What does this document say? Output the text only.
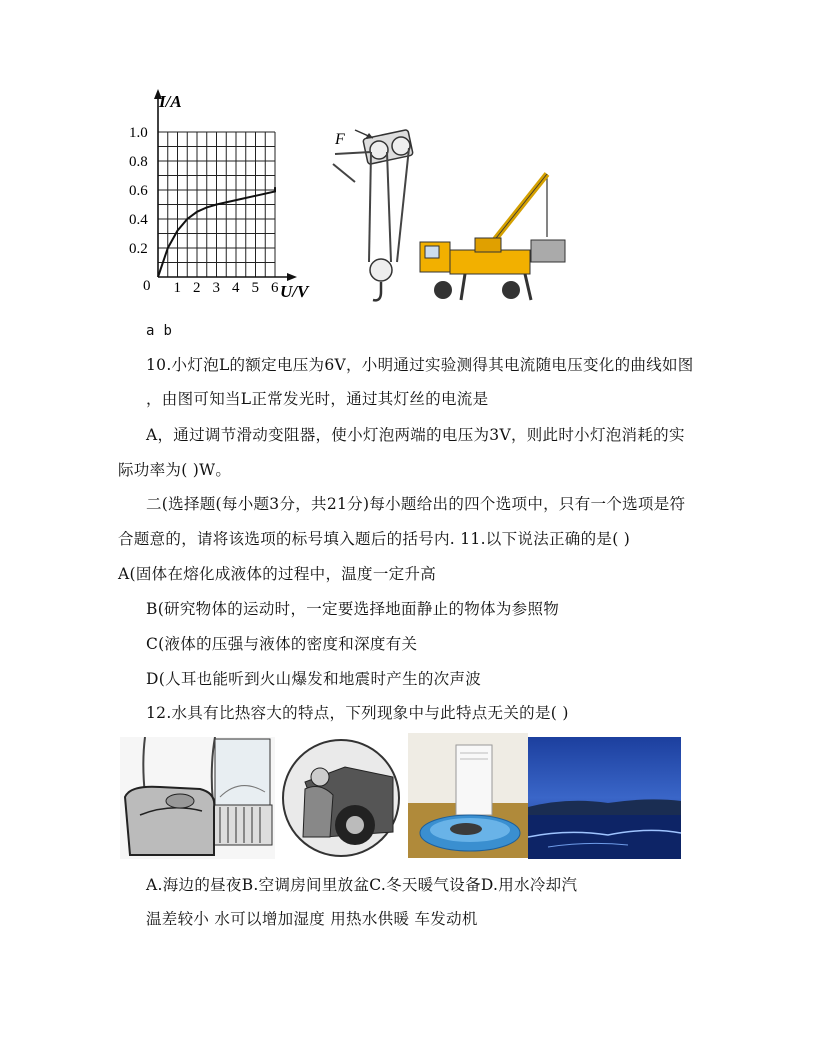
0.2
0.4
0.6
0.8
1.0
1 2 3 4 5 6
I/A
U/V
0
F
a b
10.小灯泡L的额定电压为6V，小明通过实验测得其电流随电压变化的曲线如图
，由图可知当L正常发光时，通过其灯丝的电流是
A，通过调节滑动变阻器，使小灯泡两端的电压为3V，则此时小灯泡消耗的实
际功率为( )W。
二(选择题(每小题3分，共21分)每小题给出的四个选项中，只有一个选项是符
合题意的，请将该选项的标号填入题后的括号内. 11.以下说法正确的是( )
A(固体在熔化成液体的过程中，温度一定升高
B(研究物体的运动时，一定要选择地面静止的物体为参照物
C(液体的压强与液体的密度和深度有关
D(人耳也能听到火山爆发和地震时产生的次声波
12.水具有比热容大的特点，下列现象中与此特点无关的是( )
A.海边的昼夜B.空调房间里放盆C.冬天暖气设备D.用水冷却汽
温差较小 水可以增加湿度 用热水供暖 车发动机
